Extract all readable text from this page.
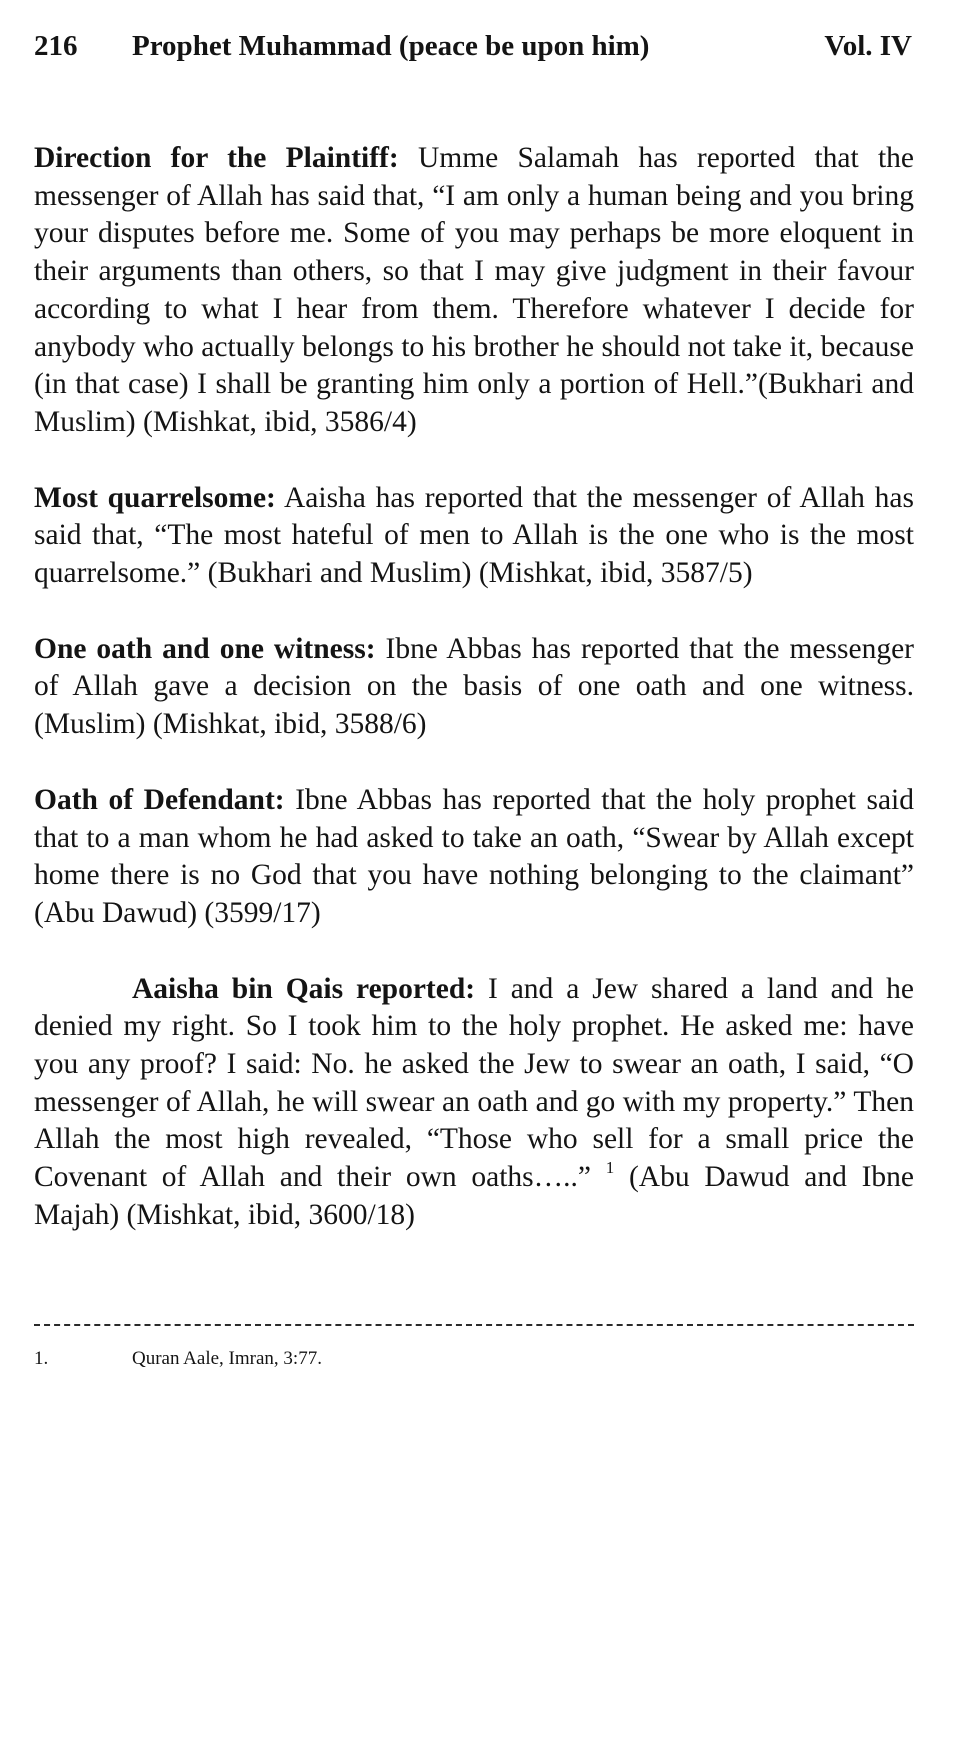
216 Prophet Muhammad (peace be upon him)	Vol. IV

Direction for the Plaintiff: Umme Salamah has reported that the messenger of Allah has said that, “I am only a human being and you bring your disputes before me. Some of you may perhaps be more eloquent in their arguments than others, so that I may give judgment in their favour according to what I hear from them. Therefore whatever I decide for anybody who actually belongs to his brother he should not take it, because (in that case) I shall be granting him only a portion of Hell.”(Bukhari and Muslim) (Mishkat, ibid, 3586/4)

Most quarrelsome: Aaisha has reported that the messenger of Allah has said that, “The most hateful of men to Allah is the one who is the most quarrelsome.” (Bukhari and Muslim) (Mishkat, ibid, 3587/5)

One oath and one witness: Ibne Abbas has reported that the messenger of Allah gave a decision on the basis of one oath and one witness. (Muslim) (Mishkat, ibid, 3588/6)

Oath of Defendant: Ibne Abbas has reported that the holy prophet said that to a man whom he had asked to take an oath, “Swear by Allah except home there is no God that you have nothing belonging to the claimant” (Abu Dawud) (3599/17)

Aaisha bin Qais reported: I and a Jew shared a land and he denied my right. So I took him to the holy prophet. He asked me: have you any proof? I said: No. he asked the Jew to swear an oath, I said, “O messenger of Allah, he will swear an oath and go with my property.” Then Allah the most high revealed, “Those who sell for a small price the Covenant of Allah and their own oaths…..” $^1$ (Abu Dawud and Ibne Majah) (Mishkat, ibid, 3600/18)

1.	Quran Aale, Imran, 3:77.
